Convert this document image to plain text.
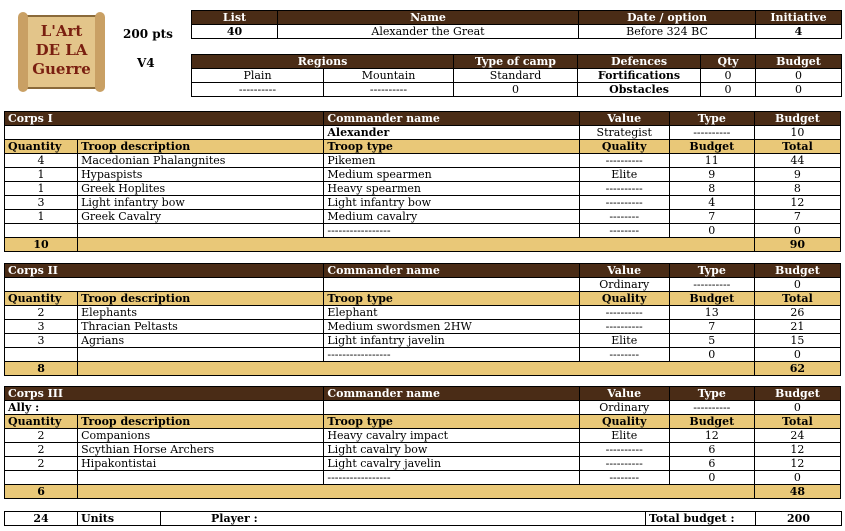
L'Art
DE LA
Guerre
200 pts
V4
List	Name	Date / option	Initiative
40	Alexander the Great	Before 324 BC	4
Regions		Type of camp	Defences	Qty	Budget
Plain	Mountain	Standard	Fortifications	0	0
----------	----------	0	Obstacles	0	0
Corps I		Commander name	Value	Type	Budget
		Alexander	Strategist	----------	10
Quantity	Troop description	Troop type	Quality	Budget	Total
4	Macedonian Phalangnites	Pikemen	----------	11	44
1	Hypaspists	Medium spearmen	Elite	9	9
1	Greek Hoplites	Heavy spearmen	----------	8	8
3	Light infantry bow	Light infantry bow	----------	4	12
1	Greek Cavalry	Medium cavalry	--------	7	7
		-----------------	--------	0	0
10					90
Corps II		Commander name	Value	Type	Budget
			Ordinary	----------	0
Quantity	Troop description	Troop type	Quality	Budget	Total
2	Elephants	Elephant	----------	13	26
3	Thracian Peltasts	Medium swordsmen 2HW	----------	7	21
3	Agrians	Light infantry javelin	Elite	5	15
		-----------------	--------	0	0
8					62
Corps III		Commander name	Value	Type	Budget
Ally :			Ordinary	----------	0
Quantity	Troop description	Troop type	Quality	Budget	Total
2	Companions	Heavy cavalry impact	Elite	12	24
2	Scythian Horse Archers	Light cavalry bow	----------	6	12
2	Hipakontistai	Light cavalry javelin	----------	6	12
		-----------------	--------	0	0
6					48
24	Units	Player :	Total budget :	200
